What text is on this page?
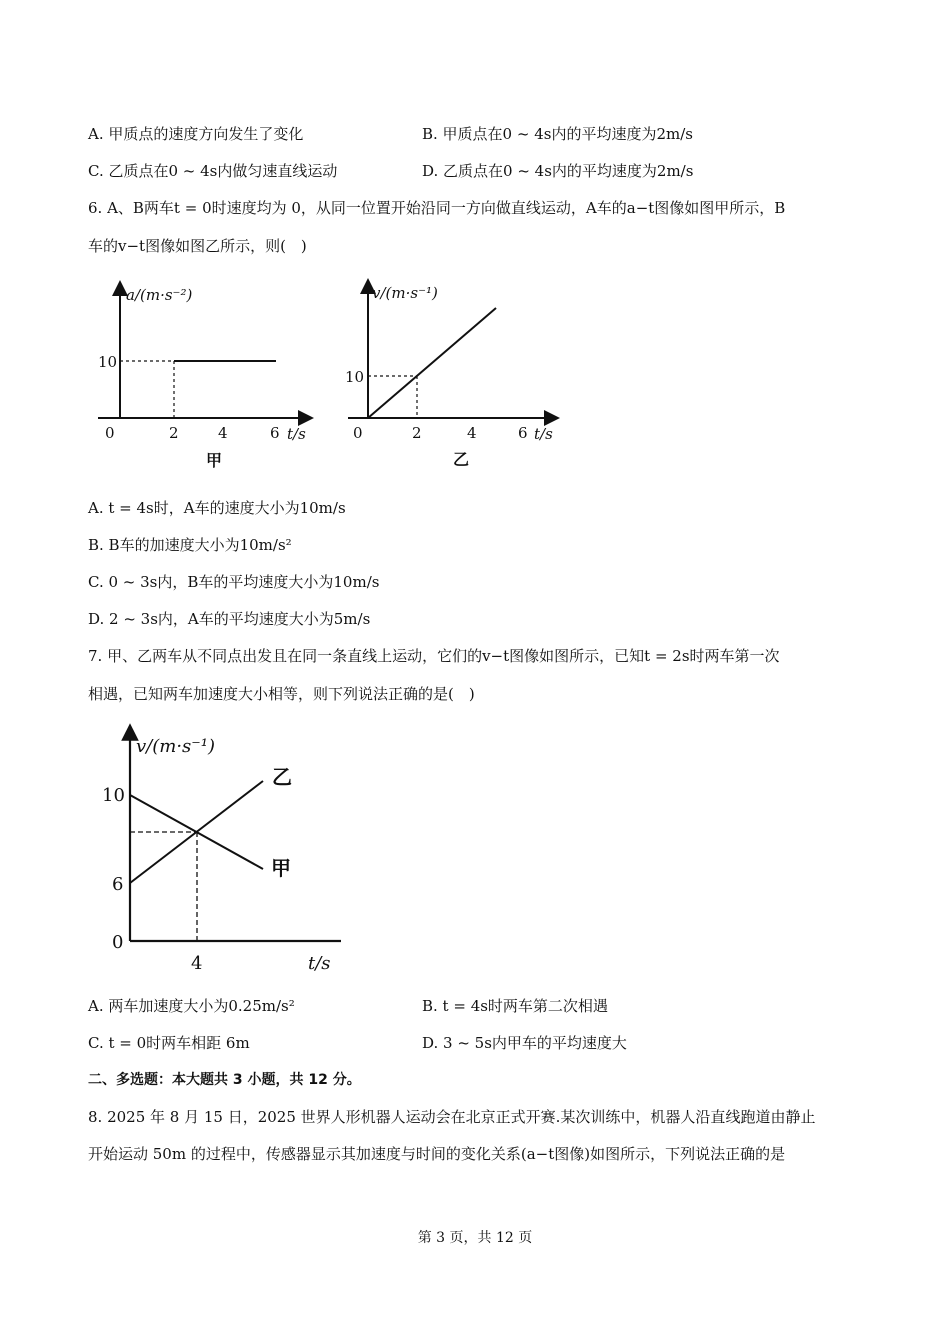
A. 甲质点的速度方向发生了变化	B. 甲质点在0 ~ 4s内的平均速度为2m/s
C. 乙质点在0 ~ 4s内做匀速直线运动	D. 乙质点在0 ~ 4s内的平均速度为2m/s
6. A、B两车t = 0时速度均为 0，从同一位置开始沿同一方向做直线运动，A车的a−t图像如图甲所示，B
车的v−t图像如图乙所示，则(　)
a/(m·s⁻²)
10
0	2	4	6 t/s
甲
v/(m·s⁻¹)
10
0	2	4	6 t/s
乙
A. t = 4s时，A车的速度大小为10m/s
B. B车的加速度大小为10m/s²
C. 0 ~ 3s内，B车的平均速度大小为10m/s
D. 2 ~ 3s内，A车的平均速度大小为5m/s
7. 甲、乙两车从不同点出发且在同一条直线上运动，它们的v−t图像如图所示，已知t = 2s时两车第一次
相遇，已知两车加速度大小相等，则下列说法正确的是(　)
v/(m·s⁻¹)
10
6
0
4	t/s
乙
甲
A. 两车加速度大小为0.25m/s²	B. t = 4s时两车第二次相遇
C. t = 0时两车相距 6m	D. 3 ~ 5s内甲车的平均速度大
二、多选题：本大题共 3 小题，共 12 分。
8. 2025 年 8 月 15 日，2025 世界人形机器人运动会在北京正式开赛.某次训练中，机器人沿直线跑道由静止
开始运动 50m 的过程中，传感器显示其加速度与时间的变化关系(a−t图像)如图所示，下列说法正确的是
第 3 页，共 12 页
